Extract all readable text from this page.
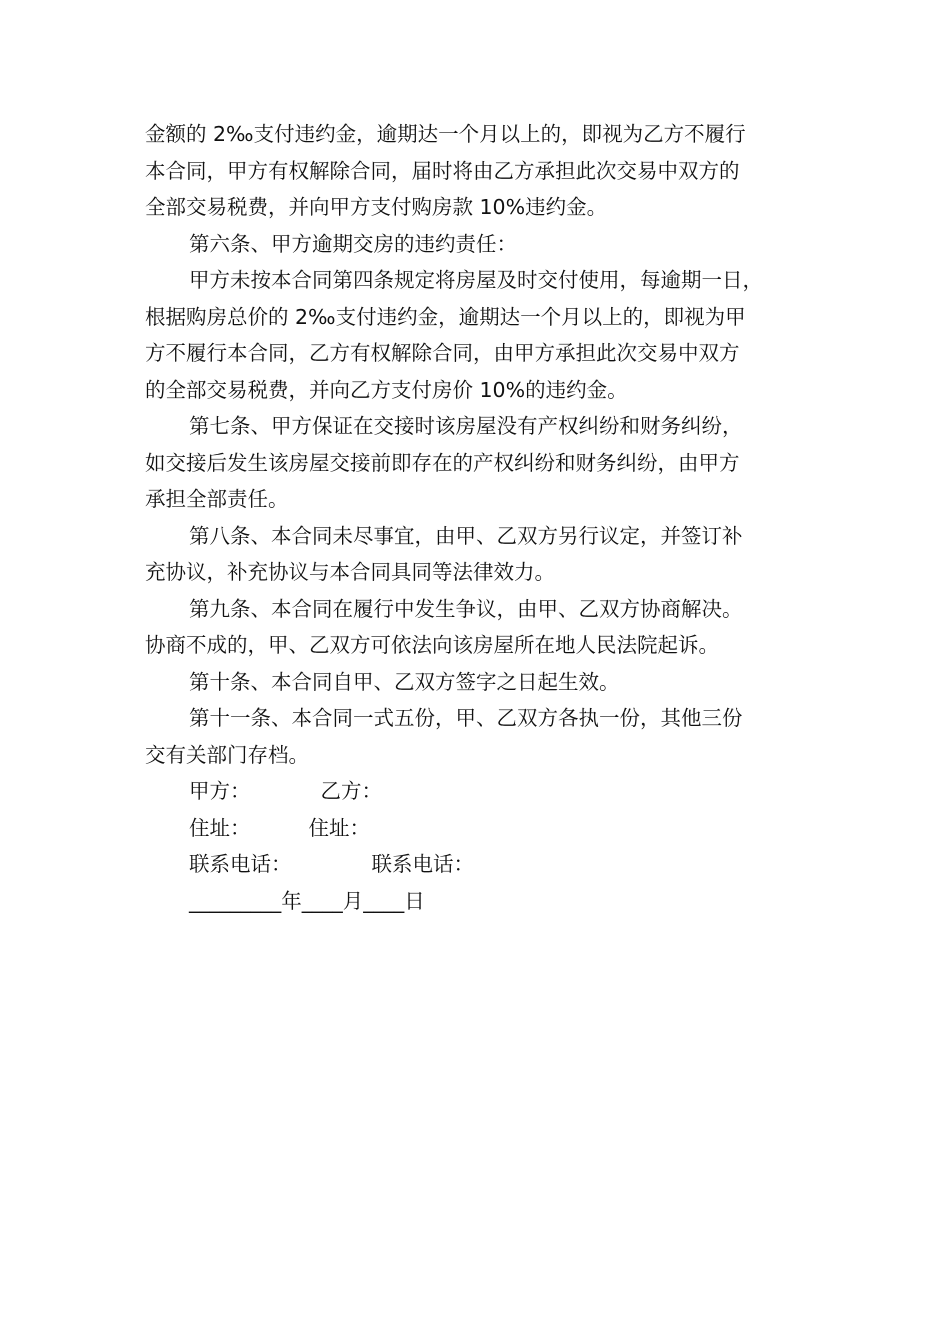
金额的 2‰支付违约金，逾期达一个月以上的，即视为乙方不履行
本合同，甲方有权解除合同，届时将由乙方承担此次交易中双方的
全部交易税费，并向甲方支付购房款 10%违约金。
第六条、甲方逾期交房的违约责任：
甲方未按本合同第四条规定将房屋及时交付使用，每逾期一日，
根据购房总价的 2‰支付违约金，逾期达一个月以上的，即视为甲
方不履行本合同，乙方有权解除合同，由甲方承担此次交易中双方
的全部交易税费，并向乙方支付房价 10%的违约金。
第七条、甲方保证在交接时该房屋没有产权纠纷和财务纠纷，
如交接后发生该房屋交接前即存在的产权纠纷和财务纠纷，由甲方
承担全部责任。
第八条、本合同未尽事宜，由甲、乙双方另行议定，并签订补
充协议，补充协议与本合同具同等法律效力。
第九条、本合同在履行中发生争议，由甲、乙双方协商解决。
协商不成的，甲、乙双方可依法向该房屋所在地人民法院起诉。
第十条、本合同自甲、乙双方签字之日起生效。
第十一条、本合同一式五份，甲、乙双方各执一份，其他三份
交有关部门存档。
甲方：	乙方：
住址：	住址：
联系电话：	联系电话：
_________年____月____日
